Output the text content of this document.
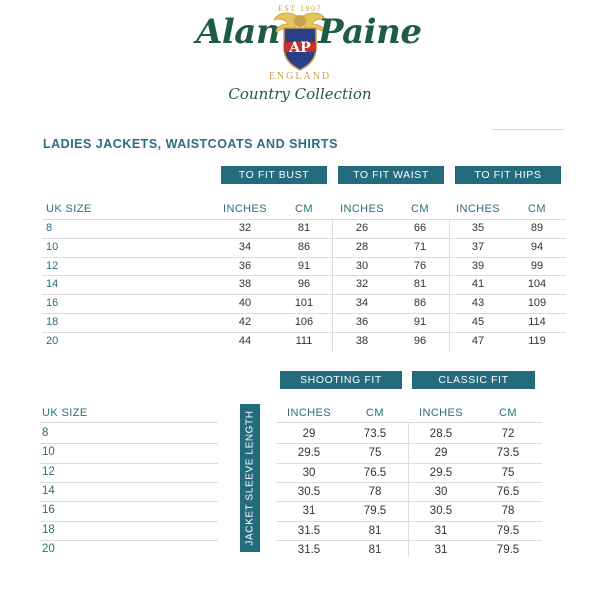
EST 1907
Alan AP Paine
ENGLAND
Country Collection
LADIES JACKETS, WAISTCOATS AND SHIRTS
TO FIT BUST	TO FIT WAIST	TO FIT HIPS
UK SIZE	INCHES	CM	INCHES	CM	INCHES	CM
8	32	81	26	66	35	89
10	34	86	28	71	37	94
12	36	91	30	76	39	99
14	38	96	32	81	41	104
16	40	101	34	86	43	109
18	42	106	36	91	45	114
20	44	111	38	96	47	119
SHOOTING FIT	CLASSIC FIT
UK SIZE	INCHES	CM	INCHES	CM
8	29	73.5	28.5	72
10	29.5	75	29	73.5
12	30	76.5	29.5	75
14	30.5	78	30	76.5
16	31	79.5	30.5	78
18	31.5	81	31	79.5
20	31.5	81	31	79.5
JACKET SLEEVE LENGTH
